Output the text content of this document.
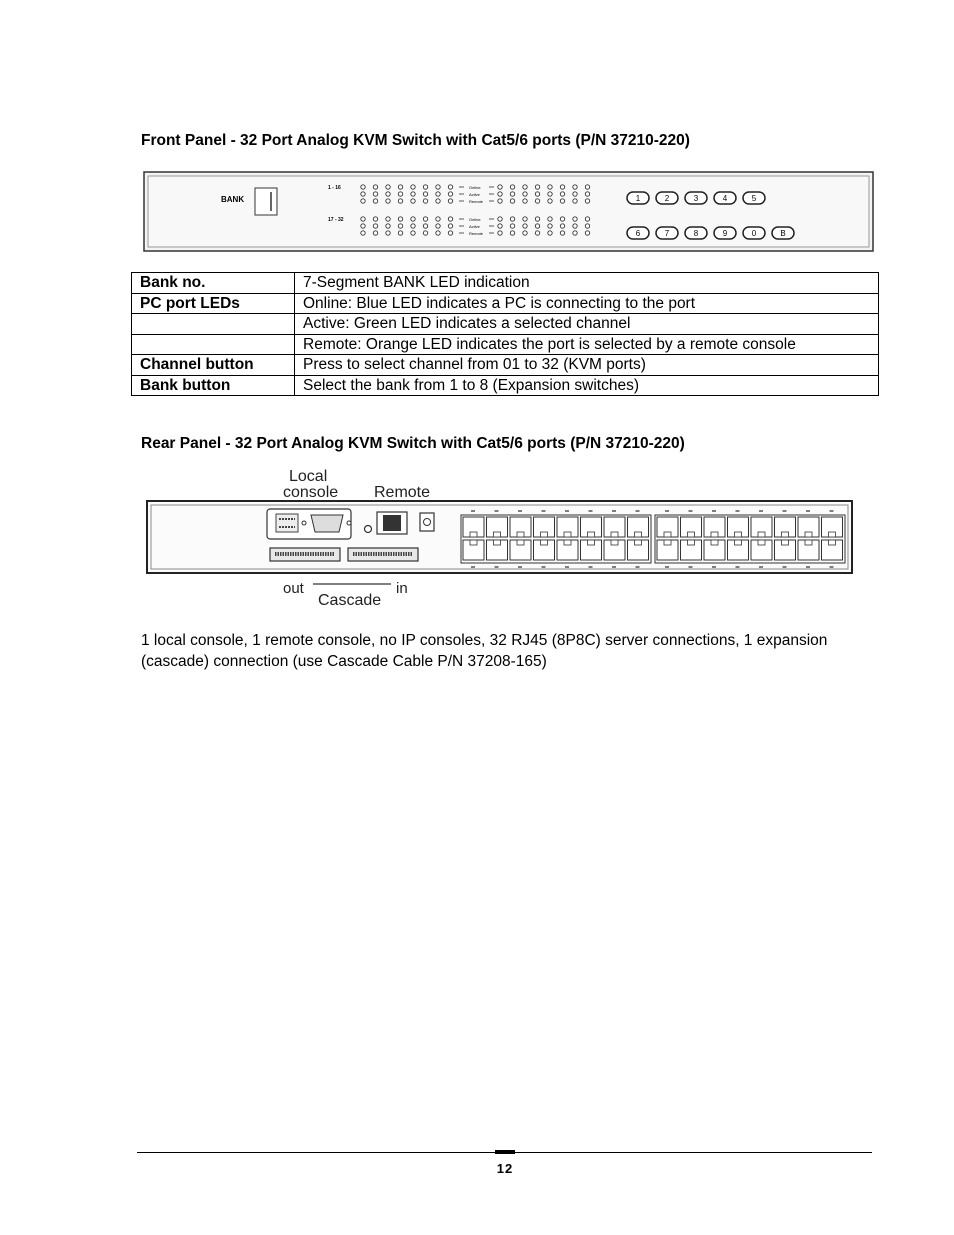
Front Panel - 32 Port Analog KVM Switch with Cat5/6 ports (P/N 37210-220)
BANK
1 - 16
17 - 32
Online
Active
Remote
Online
Active
Remote
1	2	3	4	5
6	7	8	9	0	B
Bank no.	7-Segment BANK LED indication
PC port LEDs	Online: Blue LED indicates a PC is connecting to the port
	Active: Green LED indicates a selected channel
	Remote: Orange LED indicates the port is selected by a remote console
Channel button	Press to select channel from 01 to 32 (KVM ports)
Bank button	Select the bank from 1 to 8 (Expansion switches)
Rear Panel - 32 Port Analog KVM Switch with Cat5/6 ports (P/N 37210-220)
Local
console Remote
out
Cascade
in

1 local console, 1 remote console, no IP consoles, 32 RJ45 (8P8C) server connections, 1 expansion (cascade) connection (use Cascade Cable P/N 37208-165)

12
